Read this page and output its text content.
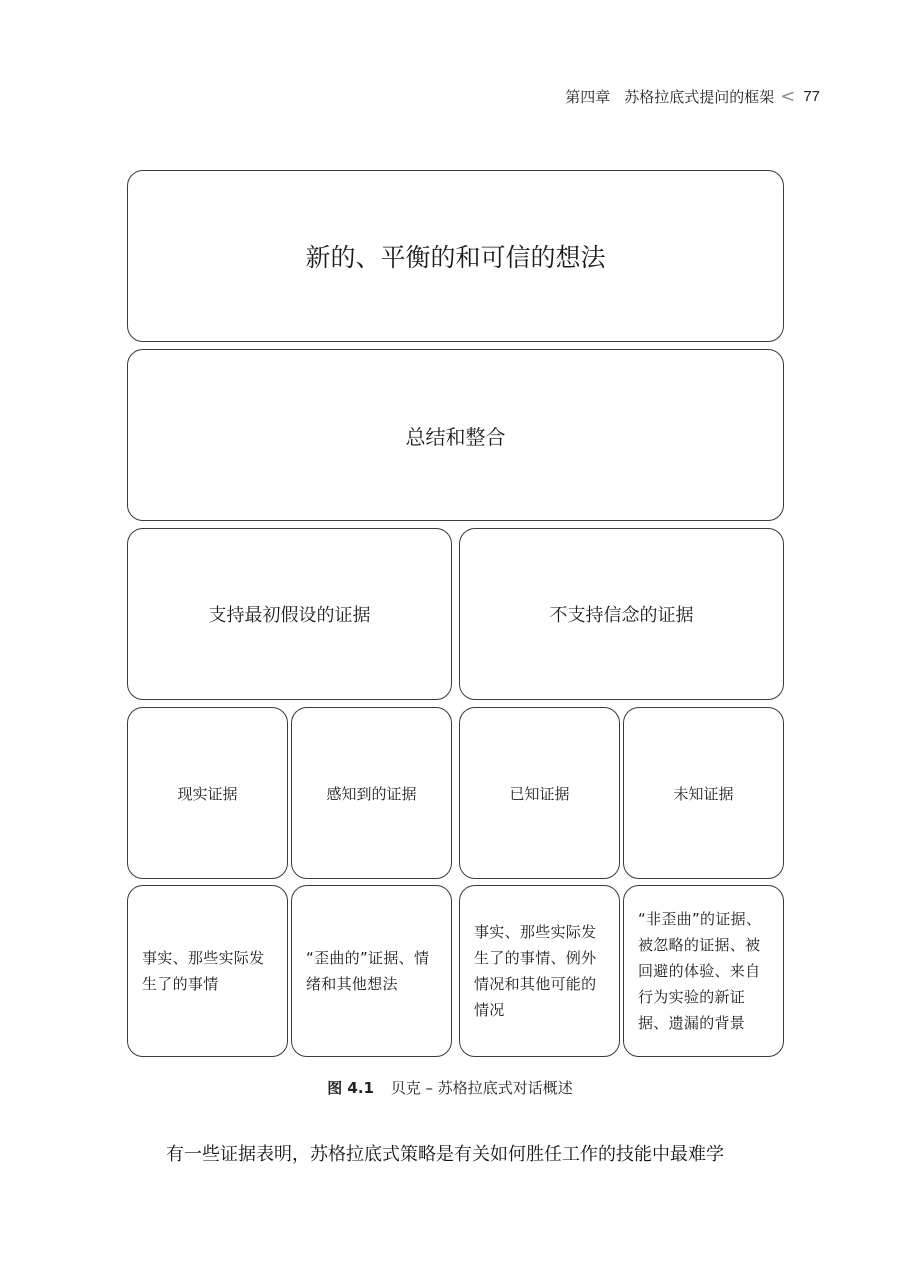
第四章 苏格拉底式提问的框架 < 77
新的、平衡的和可信的想法
总结和整合
支持最初假设的证据	不支持信念的证据
现实证据	感知到的证据	已知证据	未知证据
事实、那些实际发生了的事情
“歪曲的”证据、情绪和其他想法
事实、那些实际发生了的事情、例外情况和其他可能的情况
“非歪曲”的证据、被忽略的证据、被回避的体验、来自行为实验的新证据、遗漏的背景
图 4.1 贝克 – 苏格拉底式对话概述
有一些证据表明，苏格拉底式策略是有关如何胜任工作的技能中最难学
